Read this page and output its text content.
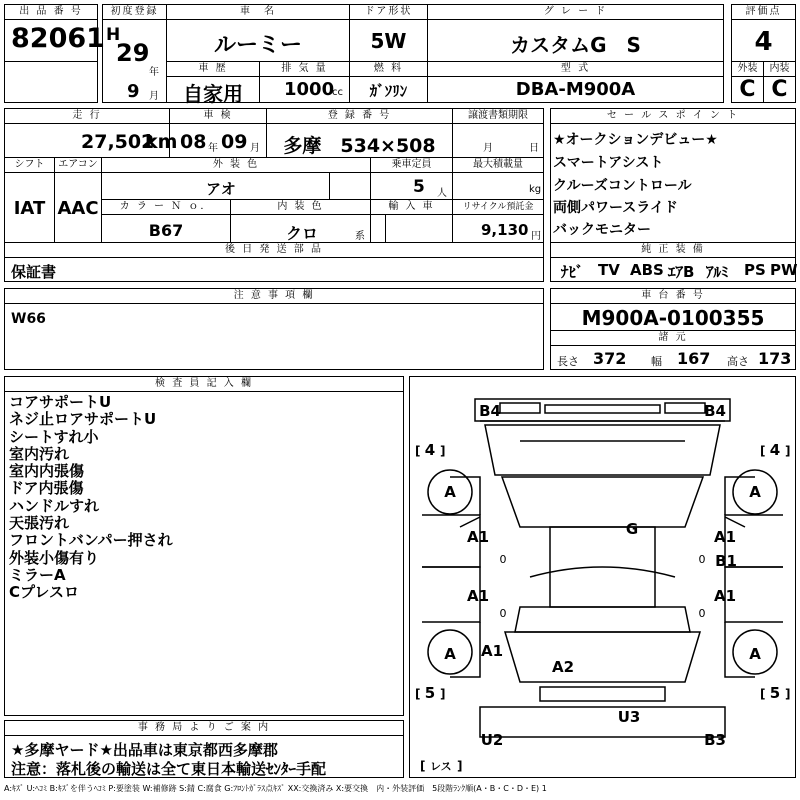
出 品 番 号
82061
初度登録
H
29
年
9 月
車　名
ルーミー
ドア形状
5W
グ レ ー ド
カスタムG　S
評価点
4
車 歴
自家用
排 気 量
1000
cc
燃 料
ｶﾞｿﾘﾝ
型 式
DBA-M900A
外装
C
内装
C
走 行
27,502
km
車 検
08 年 09 月
登 録 番 号
多摩　534×508
譲渡書類期限
月	日
シフト
IAT
エアコン
AAC
外 装 色
アオ
乗車定員
5 人
最大積載量
kg
カ ラ ー Ｎ ｏ．
B67
内 装 色
クロ	系
輸 入 車	リサイクル預託金
9,130 円
後 日 発 送 部 品
保証書
セ ー ル ス ポ イ ン ト
★オークションデビュー★
スマートアシスト
クルーズコントロール
両側パワースライド
バックモニター
純 正 装 備
ﾅﾋﾞ TV ABS ｴｱB ｱﾙﾐ PS PW
注 意 事 項 欄
W66
車 台 番 号
M900A-0100355
諸 元
長さ 372 幅 167 高さ 173
検 査 員 記 入 欄
コアサポートU
ネジ止ロアサポートU
シートすれ小
室内汚れ
室内内張傷
ドア内張傷
ハンドルすれ
天張汚れ
フロントバンパー押され
外装小傷有り
ミラーA
Cプレスロ
事 務 局 よ り ご 案 内
★多摩ヤード★出品車は東京都西多摩郡
注意：落札後の輸送は全て東日本輸送ｾﾝﾀｰ手配
B4	B4
4	4
A	A
G
A1	A1
B1
A1	A1
A A1	A
A2
5	5
U3
U2	B3
0	0
0	0
[ ]	[ ]
[ ]	[ ]
[ レス ]
A:ｷｽﾞ U:ﾍｺﾐ B:ｷｽﾞを伴うﾍｺﾐ P:要塗装 W:補修跡 S:錆 C:腐食 G:ﾌﾛﾝﾄｶﾞﾗｽ点ｷｽﾞ XX:交換済み X:要交換　内・外装評価　5段階ﾗﾝｸ順(A・B・C・D・E) 1
